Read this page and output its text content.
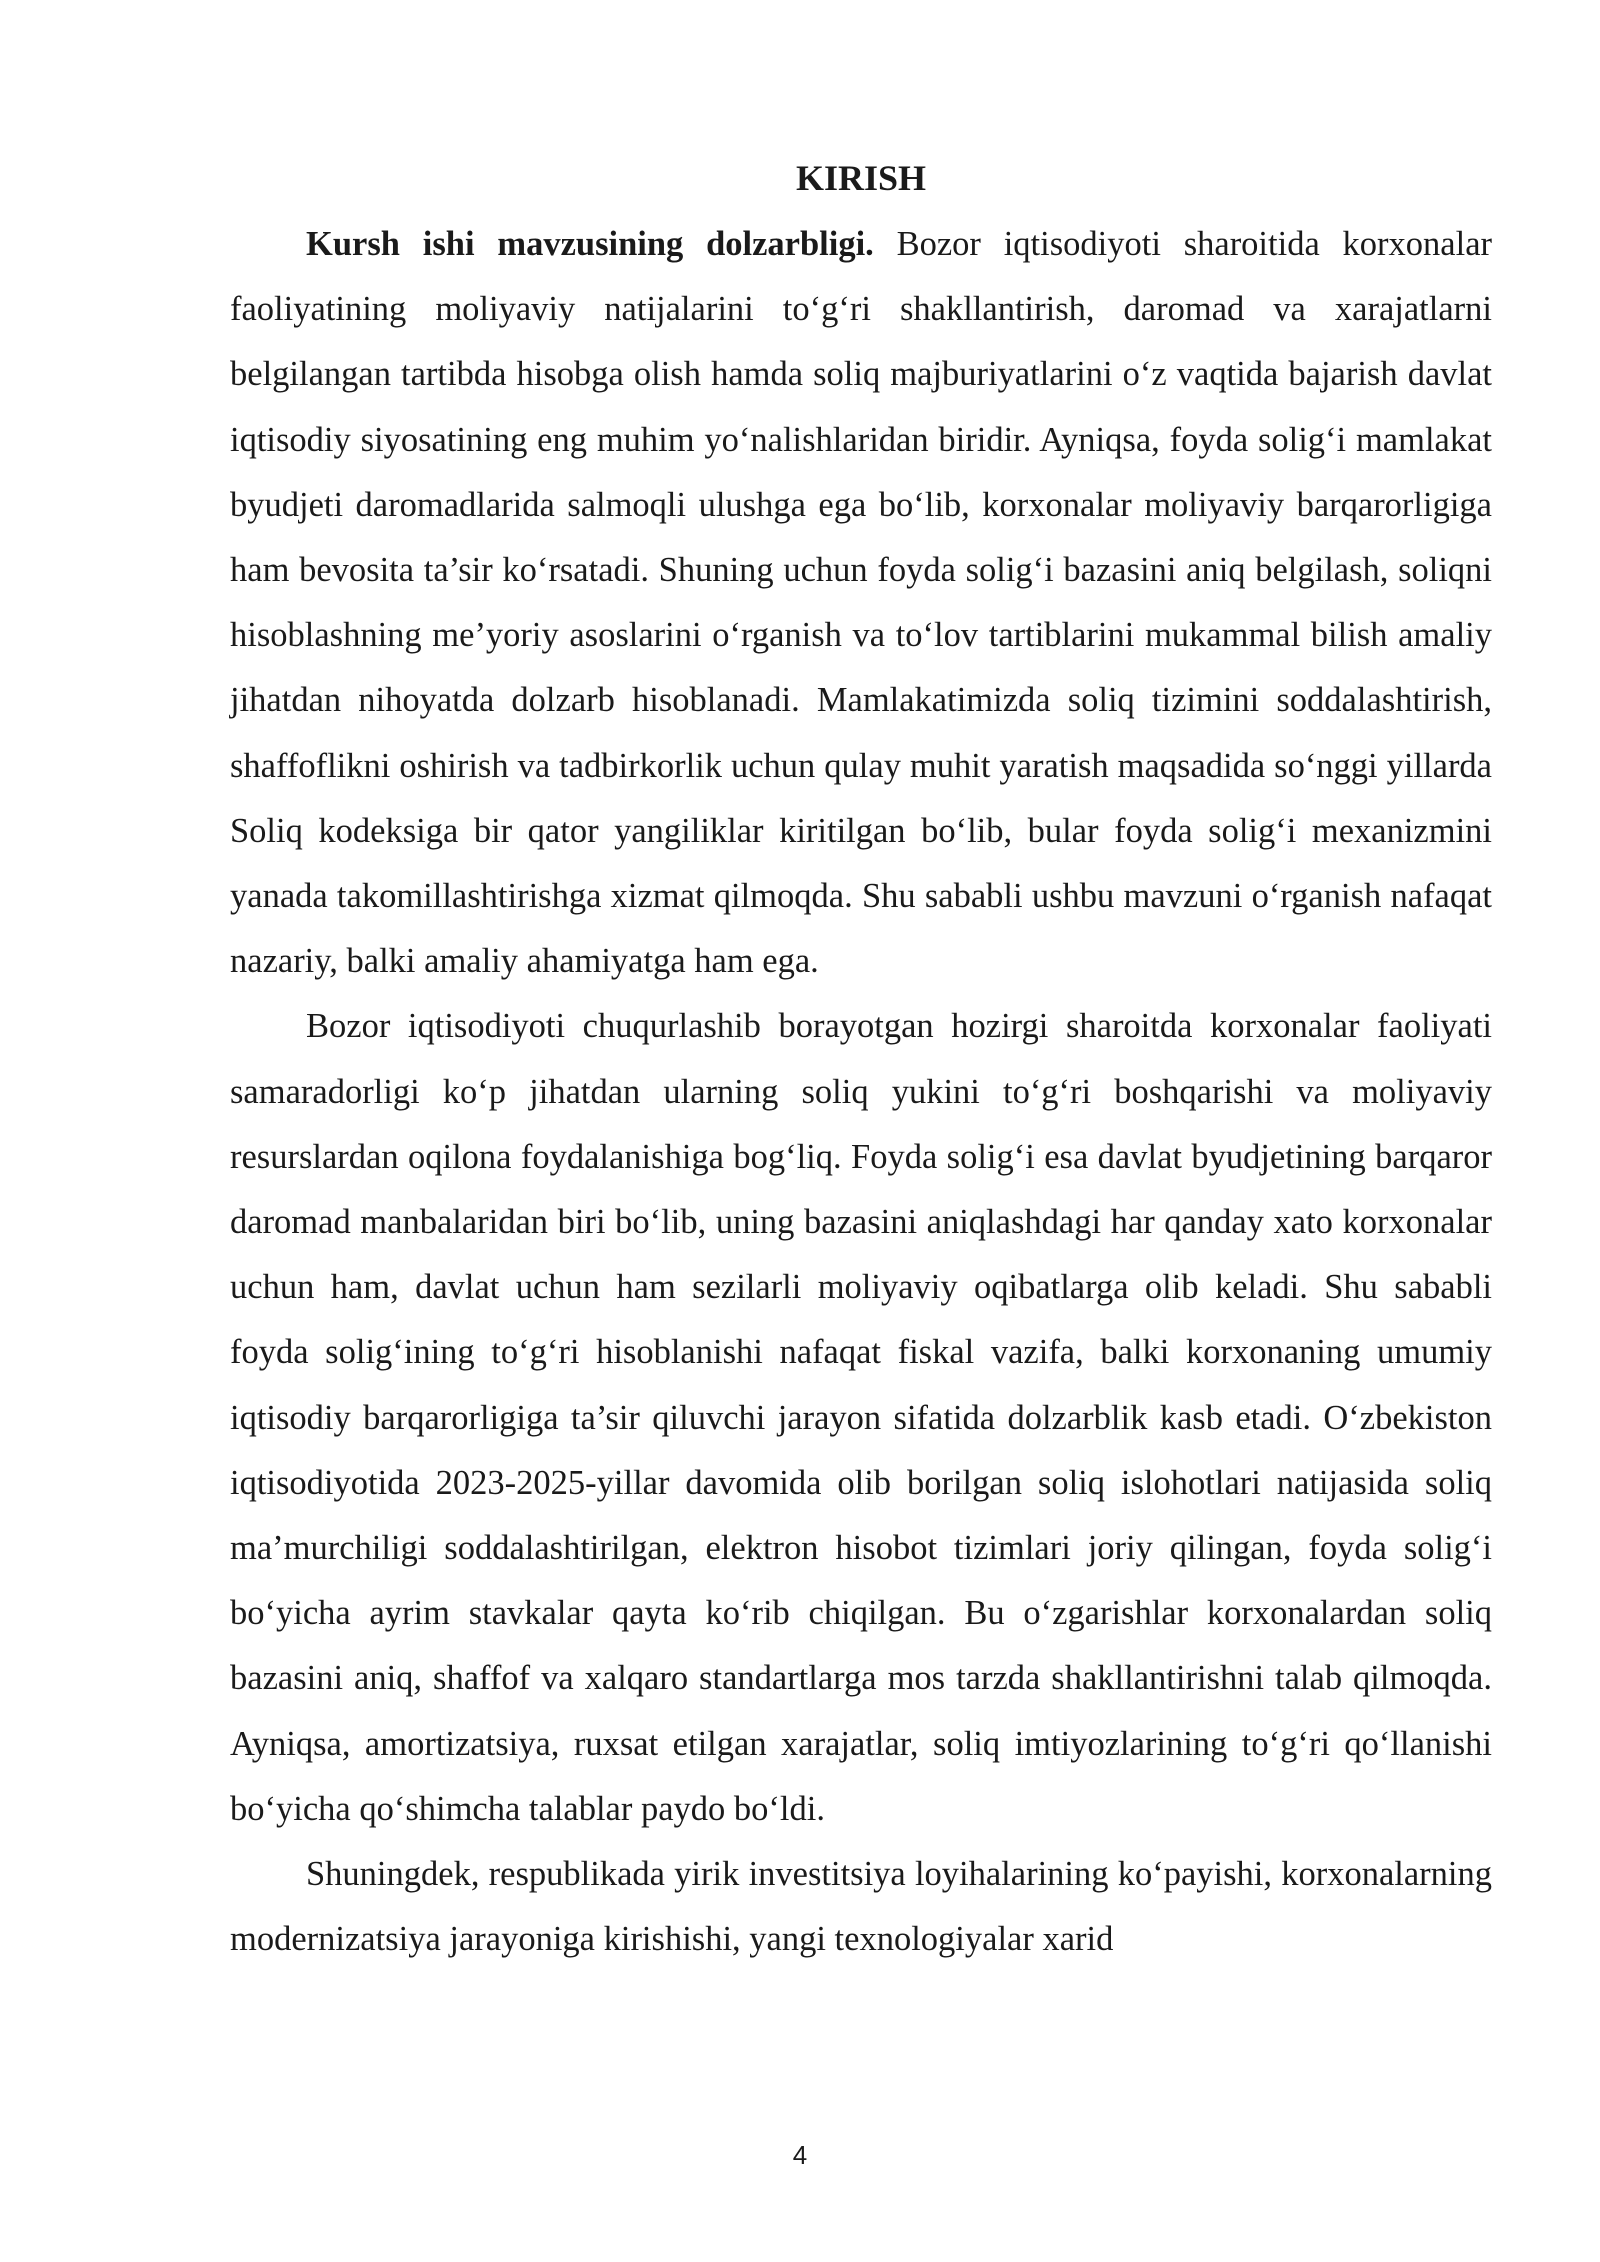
KIRISH

Kursh ishi mavzusining dolzarbligi. Bozor iqtisodiyoti sharoitida korxonalar faoliyatining moliyaviy natijalarini to‘g‘ri shakllantirish, daromad va xarajatlarni belgilangan tartibda hisobga olish hamda soliq majburiyatlarini o‘z vaqtida bajarish davlat iqtisodiy siyosatining eng muhim yo‘nalishlaridan biridir. Ayniqsa, foyda solig‘i mamlakat byudjeti daromadlarida salmoqli ulushga ega bo‘lib, korxonalar moliyaviy barqarorligiga ham bevosita ta’sir ko‘rsatadi. Shuning uchun foyda solig‘i bazasini aniq belgilash, soliqni hisoblashning me’yoriy asoslarini o‘rganish va to‘lov tartiblarini mukammal bilish amaliy jihatdan nihoyatda dolzarb hisoblanadi. Mamlakatimizda soliq tizimini soddalashtirish, shaffoflikni oshirish va tadbirkorlik uchun qulay muhit yaratish maqsadida so‘nggi yillarda Soliq kodeksiga bir qator yangiliklar kiritilgan bo‘lib, bular foyda solig‘i mexanizmini yanada takomillashtirishga xizmat qilmoqda. Shu sababli ushbu mavzuni o‘rganish nafaqat nazariy, balki amaliy ahamiyatga ham ega.

Bozor iqtisodiyoti chuqurlashib borayotgan hozirgi sharoitda korxonalar faoliyati samaradorligi ko‘p jihatdan ularning soliq yukini to‘g‘ri boshqarishi va moliyaviy resurslardan oqilona foydalanishiga bog‘liq. Foyda solig‘i esa davlat byudjetining barqaror daromad manbalaridan biri bo‘lib, uning bazasini aniqlashdagi har qanday xato korxonalar uchun ham, davlat uchun ham sezilarli moliyaviy oqibatlarga olib keladi. Shu sababli foyda solig‘ining to‘g‘ri hisoblanishi nafaqat fiskal vazifa, balki korxonaning umumiy iqtisodiy barqarorligiga ta’sir qiluvchi jarayon sifatida dolzarblik kasb etadi. O‘zbekiston iqtisodiyotida 2023-2025-yillar davomida olib borilgan soliq islohotlari natijasida soliq ma’murchiligi soddalashtirilgan, elektron hisobot tizimlari joriy qilingan, foyda solig‘i bo‘yicha ayrim stavkalar qayta ko‘rib chiqilgan. Bu o‘zgarishlar korxonalardan soliq bazasini aniq, shaffof va xalqaro standartlarga mos tarzda shakllantirishni talab qilmoqda. Ayniqsa, amortizatsiya, ruxsat etilgan xarajatlar, soliq imtiyozlarining to‘g‘ri qo‘llanishi bo‘yicha qo‘shimcha talablar paydo bo‘ldi.

Shuningdek, respublikada yirik investitsiya loyihalarining ko‘payishi, korxonalarning modernizatsiya jarayoniga kirishishi, yangi texnologiyalar xarid

4
